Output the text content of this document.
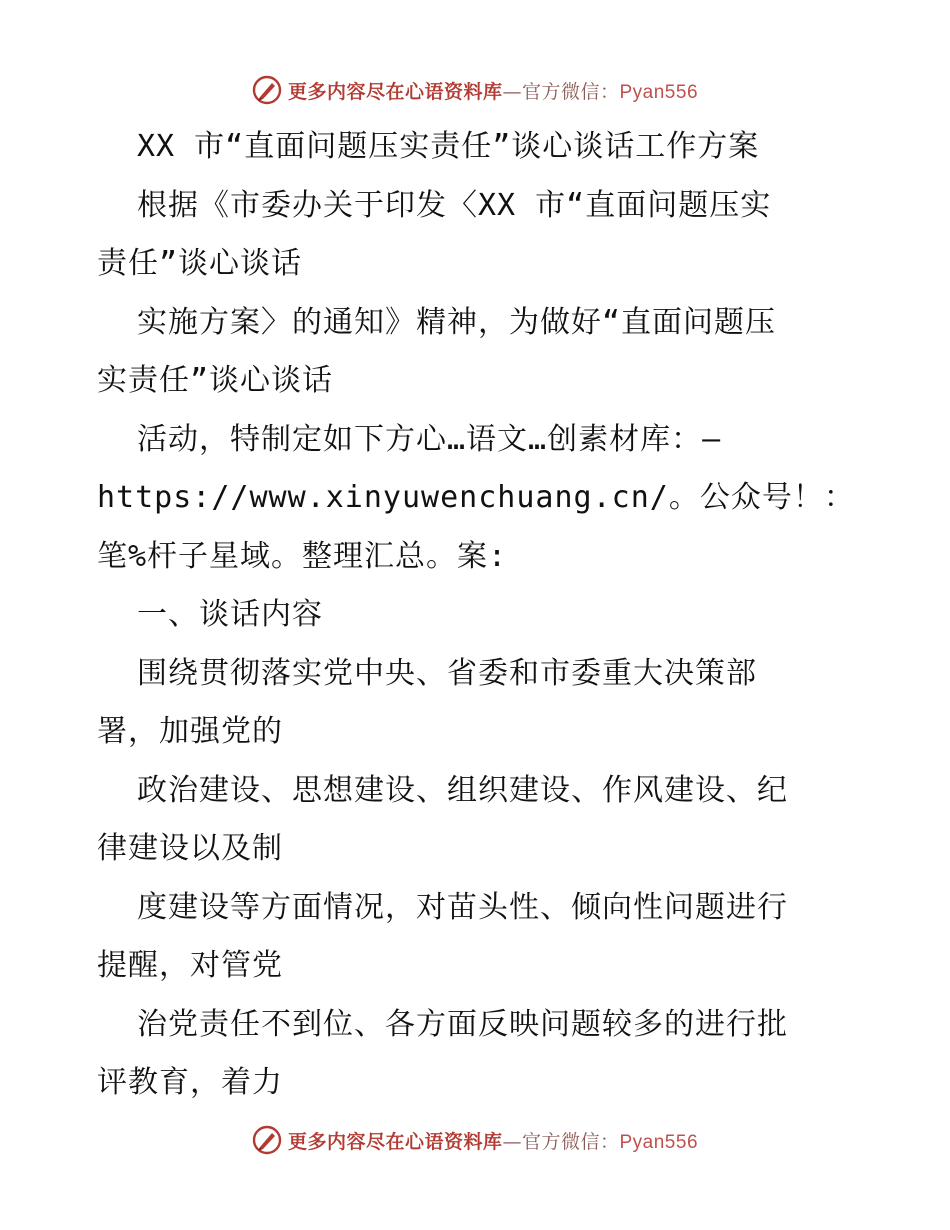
更多内容尽在心语资料库—官方微信：Pyan556
XX 市“直面问题压实责任”谈心谈话工作方案
根据《市委办关于印发〈XX 市“直面问题压实
责任”谈心谈话
实施方案〉的通知》精神，为做好“直面问题压
实责任”谈心谈话
活动，特制定如下方心…语文…创素材库：—
https://www.xinyuwenchuang.cn/。公众号！：
笔%杆子星域。整理汇总。案:
一、谈话内容
围绕贯彻落实党中央、省委和市委重大决策部
署，加强党的
政治建设、思想建设、组织建设、作风建设、纪
律建设以及制
度建设等方面情况，对苗头性、倾向性问题进行
提醒，对管党
治党责任不到位、各方面反映问题较多的进行批
评教育，着力
更多内容尽在心语资料库—官方微信：Pyan556
